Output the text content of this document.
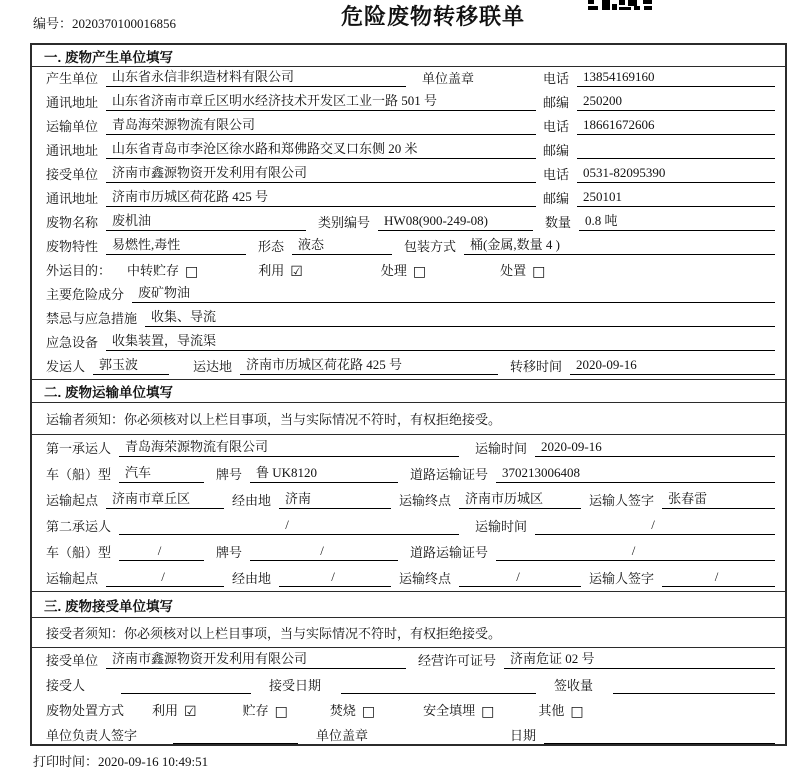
编号：2020370100016856	危险废物转移联单
一. 废物产生单位填写
产生单位	山东省永信非织造材料有限公司	单位盖章	电话	13854169160
通讯地址	山东省济南市章丘区明水经济技术开发区工业一路 501 号	邮编	250200
运输单位	青岛海荣源物流有限公司	电话	18661672606
通讯地址	山东省青岛市李沧区徐水路和郑佛路交叉口东侧 20 米	邮编
接受单位	济南市鑫源物资开发利用有限公司	电话	0531-82095390
通讯地址	济南市历城区荷花路 425 号	邮编	250101
废物名称	废机油	类别编号	HW08(900-249-08)	数量	0.8 吨
废物特性	易燃性,毒性	形态	液态	包装方式	桶(金属,数量 4 )
外运目的： 中转贮存 □	利用 ☑	处理 □	处置 □
主要危险成分	废矿物油
禁忌与应急措施	收集、导流
应急设备	收集装置，导流渠
发运人	郭玉波	运达地	济南市历城区荷花路 425 号	转移时间	2020-09-16
二. 废物运输单位填写
运输者须知：你必须核对以上栏目事项，当与实际情况不符时，有权拒绝接受。
第一承运人	青岛海荣源物流有限公司	运输时间	2020-09-16
车（船）型	汽车	牌号	鲁 UK8120	道路运输证号	370213006408
运输起点	济南市章丘区	经由地	济南	运输终点	济南市历城区	运输人签字	张春雷
第二承运人	/	运输时间	/
车（船）型	/	牌号	/	道路运输证号	/
运输起点	/	经由地	/	运输终点	/	运输人签字	/
三. 废物接受单位填写
接受者须知：你必须核对以上栏目事项，当与实际情况不符时，有权拒绝接受。
接受单位	济南市鑫源物资开发利用有限公司	经营许可证号	济南危证 02 号
接受人	接受日期	签收量
废物处置方式 利用 ☑	贮存 □	焚烧 □	安全填埋 □	其他 □
单位负责人签字	单位盖章	日期
打印时间：2020-09-16 10:49:51
